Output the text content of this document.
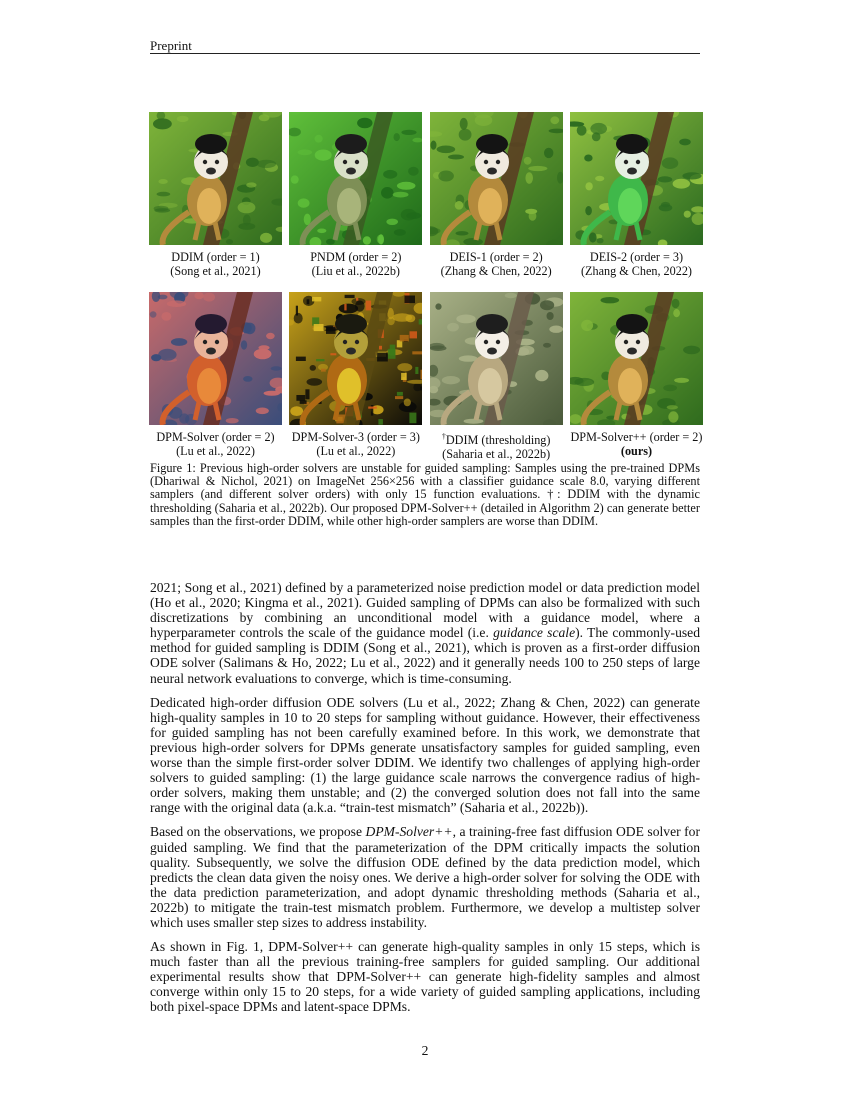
Preprint
DDIM (order = 1)
(Song et al., 2021)
PNDM (order = 2)
(Liu et al., 2022b)
DEIS-1 (order = 2)
(Zhang & Chen, 2022)
DEIS-2 (order = 3)
(Zhang & Chen, 2022)
DPM-Solver (order = 2)
(Lu et al., 2022)
DPM-Solver-3 (order = 3)
(Lu et al., 2022)
†DDIM (thresholding)
(Saharia et al., 2022b)
DPM-Solver++ (order = 2)
(ours)
Figure 1: Previous high-order solvers are unstable for guided sampling: Samples using the pre-trained DPMs (Dhariwal & Nichol, 2021) on ImageNet 256×256 with a classifier guidance scale 8.0, varying different samplers (and different solver orders) with only 15 function evaluations. †: DDIM with the dynamic thresholding (Saharia et al., 2022b). Our proposed DPM-Solver++ (detailed in Algorithm 2) can generate better samples than the first-order DDIM, while other high-order samplers are worse than DDIM.

2021; Song et al., 2021) defined by a parameterized noise prediction model or data prediction model (Ho et al., 2020; Kingma et al., 2021). Guided sampling of DPMs can also be formalized with such discretizations by combining an unconditional model with a guidance model, where a hyperparameter controls the scale of the guidance model (i.e. guidance scale). The commonly-used method for guided sampling is DDIM (Song et al., 2021), which is proven as a first-order diffusion ODE solver (Salimans & Ho, 2022; Lu et al., 2022) and it generally needs 100 to 250 steps of large neural network evaluations to converge, which is time-consuming.

Dedicated high-order diffusion ODE solvers (Lu et al., 2022; Zhang & Chen, 2022) can generate high-quality samples in 10 to 20 steps for sampling without guidance. However, their effectiveness for guided sampling has not been carefully examined before. In this work, we demonstrate that previous high-order solvers for DPMs generate unsatisfactory samples for guided sampling, even worse than the simple first-order solver DDIM. We identify two challenges of applying high-order solvers to guided sampling: (1) the large guidance scale narrows the convergence radius of high-order solvers, making them unstable; and (2) the converged solution does not fall into the same range with the original data (a.k.a. “train-test mismatch” (Saharia et al., 2022b)).

Based on the observations, we propose DPM-Solver++, a training-free fast diffusion ODE solver for guided sampling. We find that the parameterization of the DPM critically impacts the solution quality. Subsequently, we solve the diffusion ODE defined by the data prediction model, which predicts the clean data given the noisy ones. We derive a high-order solver for solving the ODE with the data prediction parameterization, and adopt dynamic thresholding methods (Saharia et al., 2022b) to mitigate the train-test mismatch problem. Furthermore, we develop a multistep solver which uses smaller step sizes to address instability.

As shown in Fig. 1, DPM-Solver++ can generate high-quality samples in only 15 steps, which is much faster than all the previous training-free samplers for guided sampling. Our additional experimental results show that DPM-Solver++ can generate high-fidelity samples and almost converge within only 15 to 20 steps, for a wide variety of guided sampling applications, including both pixel-space DPMs and latent-space DPMs.

2
